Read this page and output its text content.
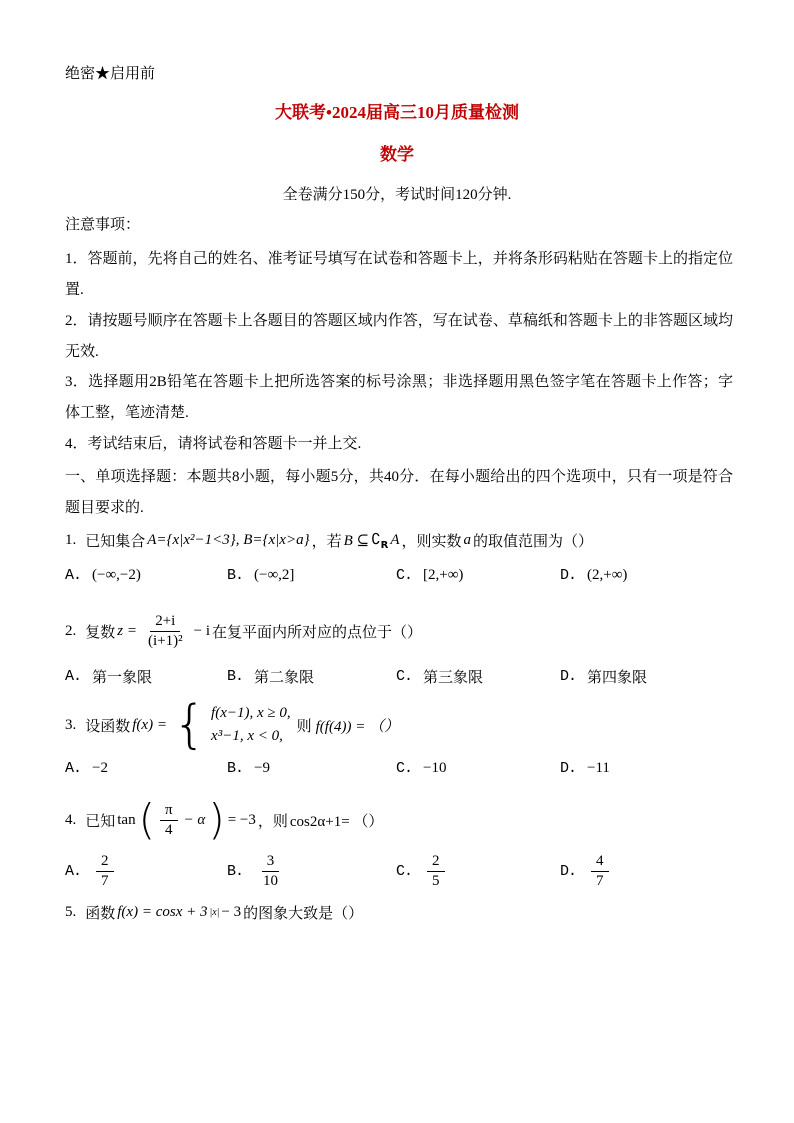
绝密★启用前
大联考•2024届高三10月质量检测
数学
全卷满分150分，考试时间120分钟.
注意事项：
1．答题前，先将自己的姓名、准考证号填写在试卷和答题卡上，并将条形码粘贴在答题卡上的指定位置.
2．请按题号顺序在答题卡上各题目的答题区域内作答，写在试卷、草稿纸和答题卡上的非答题区域均无效.
3．选择题用2B铅笔在答题卡上把所选答案的标号涂黑；非选择题用黑色签字笔在答题卡上作答；字体工整，笔迹清楚.
4．考试结束后，请将试卷和答题卡一并上交.
一、单项选择题：本题共8小题，每小题5分，共40分．在每小题给出的四个选项中，只有一项是符合题目要求的.
1. 已知集合 A={x|x²−1<3}, B={x|x>a} ，若 B ⊆ $∁_R$ A ，则实数 a 的取值范围为（）
A. (−∞,−2)	B. (−∞,2]	C. [2,+∞)	D. (2,+∞)
2. 复数 $z = \frac{2+i}{\text{(i+1)²}} - i$ 在复平面内所对应的点位于（）
A. 第一象限	B. 第二象限	C. 第三象限	D. 第四象限
3. 设函数 f(x) = { f(x−1), x ≥ 0,
x³−1, x < 0,
则 f(f(4)) = （）
A. −2	B. −9	C. −10	D. −11
4. 已知 tan ( $\frac{\pi}{4} - \alpha$ ) = −3 ，则 cos2α+1= （）
A. $\frac{2}{7}$	B. $\frac{3}{10}$	C. $\frac{2}{5}$	D. $\frac{4}{7}$
5. 函数 f(x) = cosx + 3 |x| − 3 的图象大致是（）
